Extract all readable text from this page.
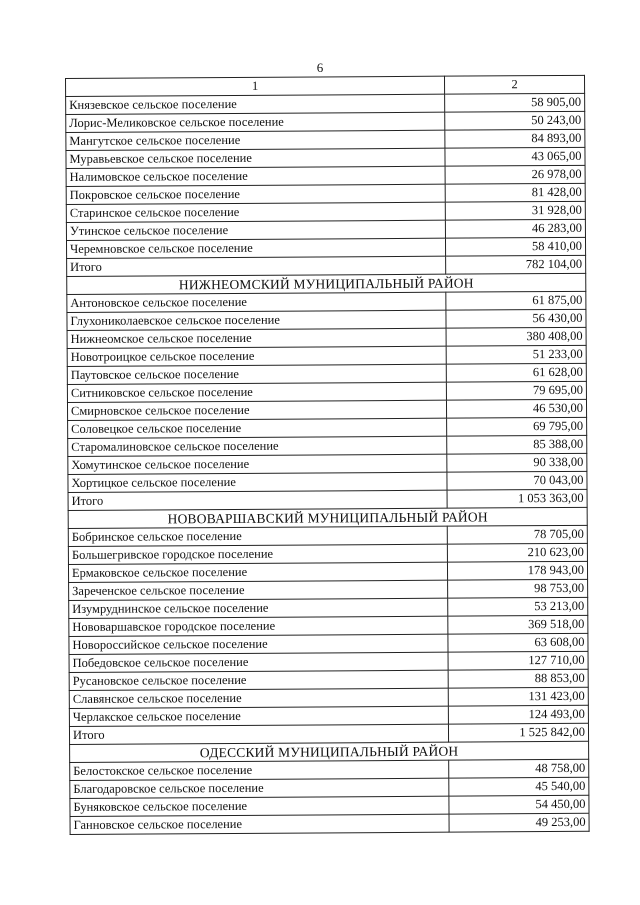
6
1	2
Князевское сельское поселение	58 905,00
Лорис-Меликовское сельское поселение	50 243,00
Мангутское сельское поселение	84 893,00
Муравьевское сельское поселение	43 065,00
Налимовское сельское поселение	26 978,00
Покровское сельское поселение	81 428,00
Старинское сельское поселение	31 928,00
Утинское сельское поселение	46 283,00
Черемновское сельское поселение	58 410,00
Итого	782 104,00
НИЖНЕОМСКИЙ МУНИЦИПАЛЬНЫЙ РАЙОН	
Антоновское сельское поселение	61 875,00
Глухониколаевское сельское поселение	56 430,00
Нижнеомское сельское поселение	380 408,00
Новотроицкое сельское поселение	51 233,00
Паутовское сельское поселение	61 628,00
Ситниковское сельское поселение	79 695,00
Смирновское сельское поселение	46 530,00
Соловецкое сельское поселение	69 795,00
Старомалиновское сельское поселение	85 388,00
Хомутинское сельское поселение	90 338,00
Хортицкое сельское поселение	70 043,00
Итого	1 053 363,00
НОВОВАРШАВСКИЙ МУНИЦИПАЛЬНЫЙ РАЙОН	
Бобринское сельское поселение	78 705,00
Большегривское городское поселение	210 623,00
Ермаковское сельское поселение	178 943,00
Зареченское сельское поселение	98 753,00
Изумруднинское сельское поселение	53 213,00
Нововаршавское городское поселение	369 518,00
Новороссийское сельское поселение	63 608,00
Победовское сельское поселение	127 710,00
Русановское сельское поселение	88 853,00
Славянское сельское поселение	131 423,00
Черлакское сельское поселение	124 493,00
Итого	1 525 842,00
ОДЕССКИЙ МУНИЦИПАЛЬНЫЙ РАЙОН	
Белостокское сельское поселение	48 758,00
Благодаровское сельское поселение	45 540,00
Буняковское сельское поселение	54 450,00
Ганновское сельское поселение	49 253,00
